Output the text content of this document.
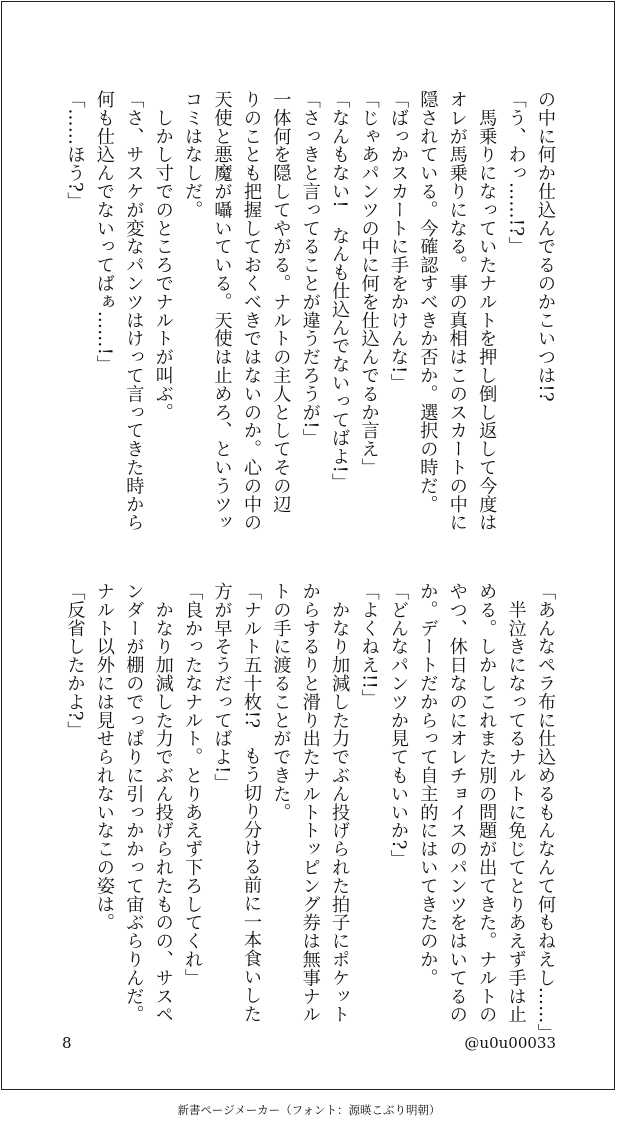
の中に何か仕込んでるのかこいつは!?
「う、わっ……!?」
　馬乗りになっていたナルトを押し倒し返して今度は
オレが馬乗りになる。事の真相はこのスカートの中に
隠されている。今確認すべきか否か。選択の時だ。
「ばっかスカートに手をかけんな!」
「じゃあパンツの中に何を仕込んでるか言え」
「なんもない!　なんも仕込んでないってばよ!」
「さっきと言ってることが違うだろうが!」
一体何を隠してやがる。ナルトの主人としてその辺
りのことも把握しておくべきではないのか。心の中の
天使と悪魔が囁いている。天使は止めろ、というツッ
コミはなしだ。
　しかし寸でのところでナルトが叫ぶ。
「さ、サスケが変なパンツはけって言ってきた時から
何も仕込んでないってばぁ……!」
「……ほう?」
「あんなペラ布に仕込めるもんなんて何もねえし……」
　半泣きになってるナルトに免じてとりあえず手は止
める。しかしこれまた別の問題が出てきた。ナルトの
やつ、休日なのにオレチョイスのパンツをはいてるの
か。デートだからって自主的にはいてきたのか。
「どんなパンツか見てもいいか?」
「よくねえ!!」
　かなり加減した力でぶん投げられた拍子にポケット
からするりと滑り出たナルトトッピング券は無事ナル
トの手に渡ることができた。
「ナルト五十枚!?　もう切り分ける前に一本食いした
方が早そうだってばよ!」
「良かったなナルト。とりあえず下ろしてくれ」
　かなり加減した力でぶん投げられたものの、サスペ
ンダーが棚のでっぱりに引っかかって宙ぶらりんだ。
ナルト以外には見せられないなこの姿は。
「反省したかよ?」
8	@u0u00033
新書ページメーカー（フォント：源暎こぶり明朝）
